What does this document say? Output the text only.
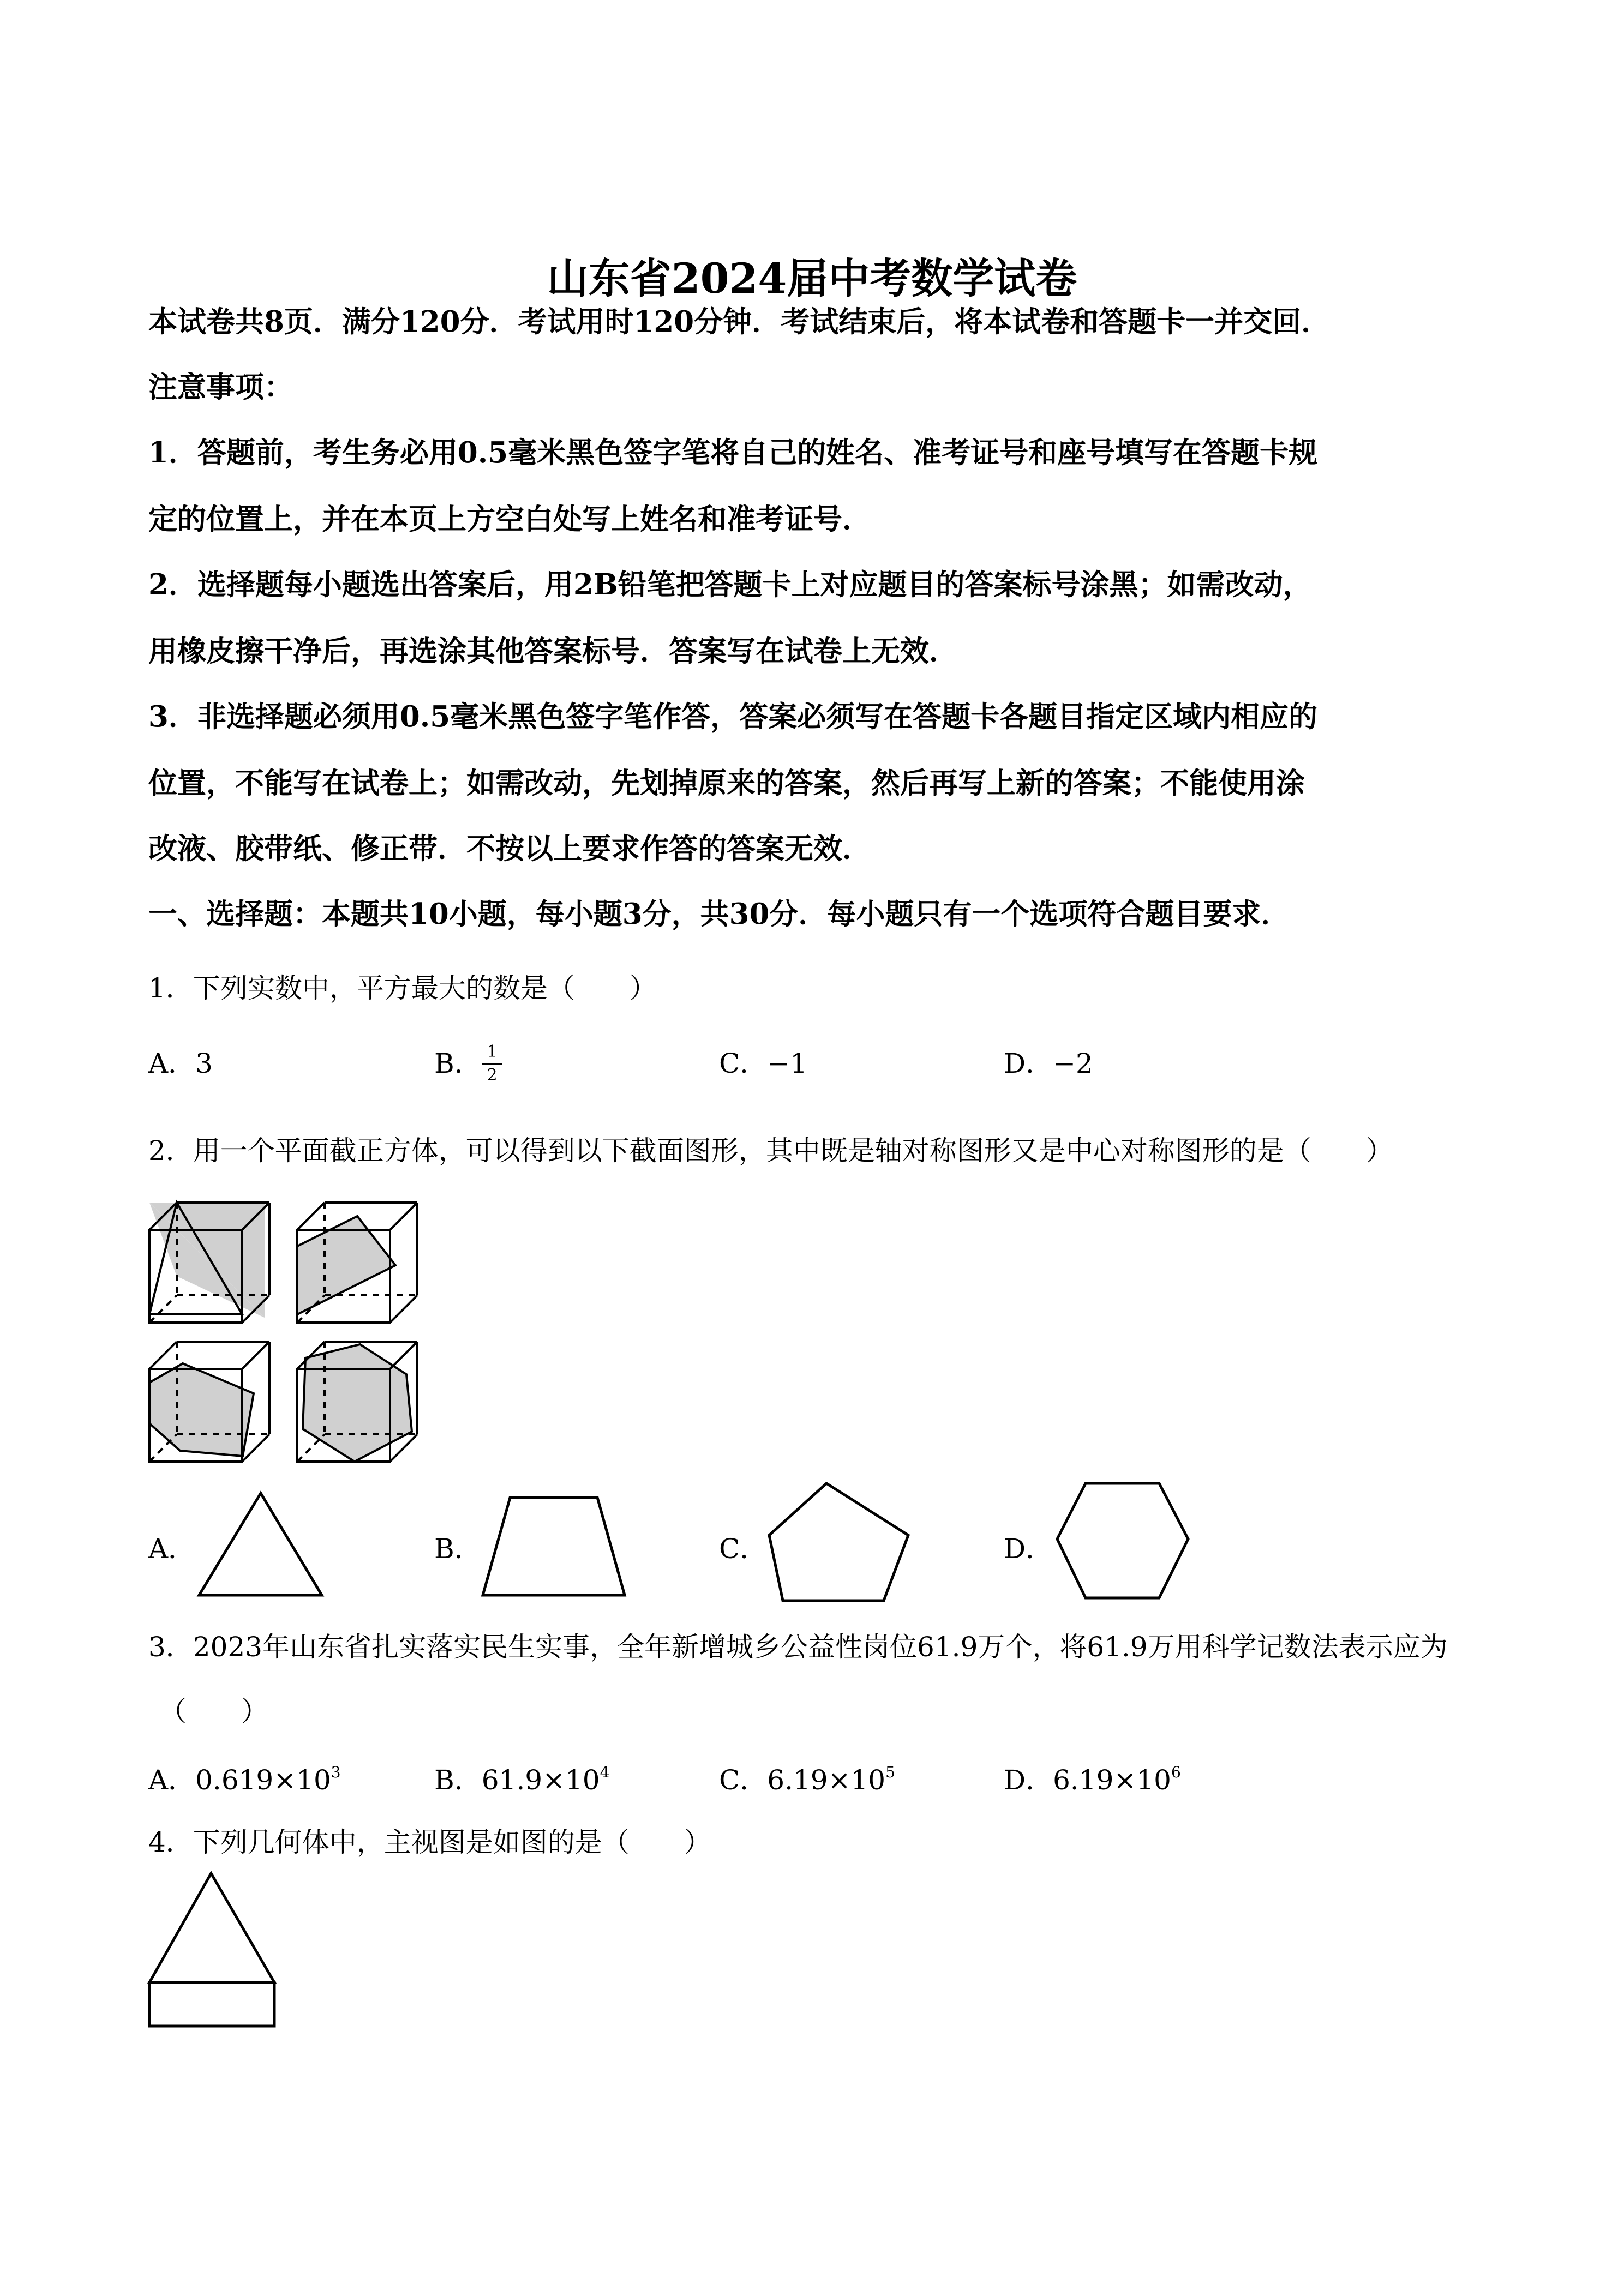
山东省2024届中考数学试卷
本试卷共8页．满分120分．考试用时120分钟．考试结束后，将本试卷和答题卡一并交回．
注意事项：
1．答题前，考生务必用0.5毫米黑色签字笔将自己的姓名、准考证号和座号填写在答题卡规
定的位置上，并在本页上方空白处写上姓名和准考证号．
2．选择题每小题选出答案后，用2B铅笔把答题卡上对应题目的答案标号涂黑；如需改动，
用橡皮擦干净后，再选涂其他答案标号．答案写在试卷上无效．
3．非选择题必须用0.5毫米黑色签字笔作答，答案必须写在答题卡各题目指定区域内相应的
位置，不能写在试卷上；如需改动，先划掉原来的答案，然后再写上新的答案；不能使用涂
改液、胶带纸、修正带．不按以上要求作答的答案无效．
一、选择题：本题共10小题，每小题3分，共30分．每小题只有一个选项符合题目要求．
1．下列实数中，平方最大的数是（　　）
A．3	B． 1
2	C．−1	D．−2
2．用一个平面截正方体，可以得到以下截面图形，其中既是轴对称图形又是中心对称图形的是（　　）
A．	B．	C．	D．
3．2023年山东省扎实落实民生实事，全年新增城乡公益性岗位61.9万个，将61.9万用科学记数法表示应为
（　　）
A．$0.619\times 10^3$	B．$61.9\times 10^4$	C．$6.19\times 10^5$	D．$6.19\times 10^6$
4．下列几何体中，主视图是如图的是（　　）
